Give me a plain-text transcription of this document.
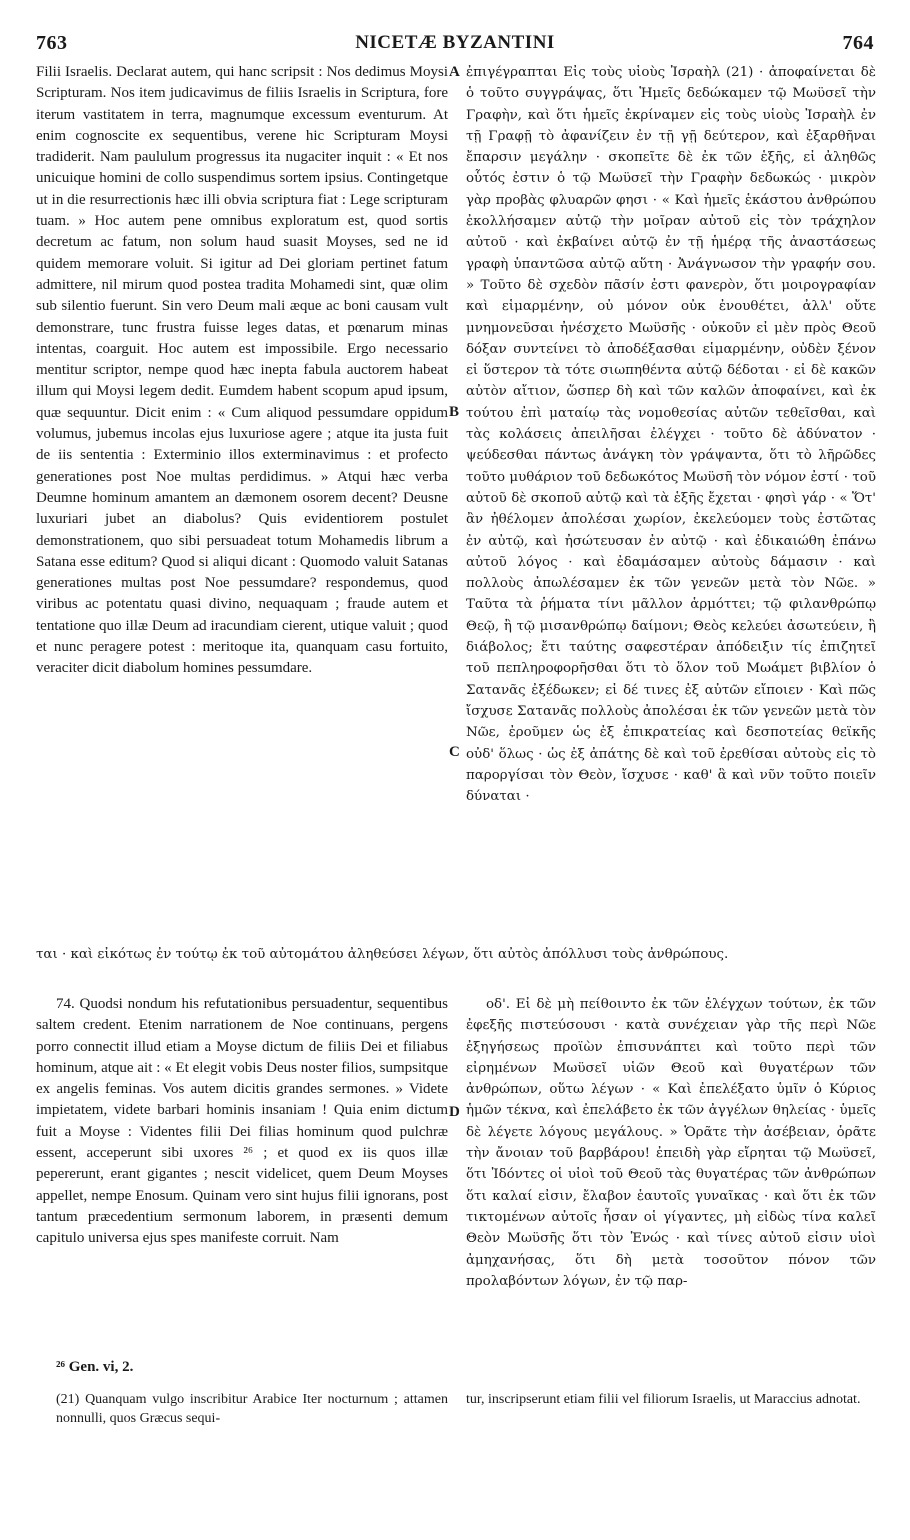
763	NICETÆ BYZANTINI	764

Filii Israelis. Declarat autem, qui hanc scripsit : Nos dedimus Moysi Scripturam. Nos item judicavimus de filiis Israelis in Scriptura, fore iterum vastitatem in terra, magnumque excessum eventurum. At enim cognoscite ex sequentibus, verene hic Scripturam Moysi tradiderit. Nam paululum progressus ita nugaciter inquit : « Et nos unicuique homini de collo suspendimus sortem ipsius. Contingetque ut in die resurrectionis hæc illi obvia scriptura fiat : Lege scripturam tuam. » Hoc autem pene omnibus exploratum est, quod sortis decretum ac fatum, non solum haud suasit Moyses, sed ne id quidem memorare voluit. Si igitur ad Dei gloriam pertinet fatum admittere, nil mirum quod postea tradita Mohamedi sint, quæ olim sub silentio fuerunt. Sin vero Deum mali æque ac boni causam vult demonstrare, tunc frustra fuisse leges datas, et pœnarum minas intentas, coarguit. Hoc autem est impossibile. Ergo necessario mentitur scriptor, nempe quod hæc inepta fabula auctorem habeat illum qui Moysi legem dedit. Eumdem habent scopum apud ipsum, quæ sequuntur. Dicit enim : « Cum aliquod pessumdare oppidum volumus, jubemus incolas ejus luxuriose agere ; atque ita justa fuit de iis sententia : Exterminio illos exterminavimus : et profecto generationes post Noe multas perdidimus. » Atqui hæc verba Deumne hominum amantem an dæmonem osorem decent? Deusne luxuriari jubet an diabolus? Quis evidentiorem postulet demonstrationem, quo sibi persuadeat totum Mohamedis librum a Satana esse editum? Quod si aliqui dicant : Quomodo valuit Satanas generationes multas post Noe pessumdare? respondemus, quod viribus ac potentatu quasi divino, nequaquam ; fraude autem et tentatione quo illæ Deum ad iracundiam cierent, utique valuit ; quod et nunc peragere potest : meritoque ita, quanquam casu fortuito, veraciter dicit diabolum homines pessumdare.

ἐπιγέγραπται Εἰς τοὺς υἱοὺς Ἰσραὴλ (21) · ἀποφαίνεται δὲ ὁ τοῦτο συγγράψας, ὅτι Ἡμεῖς δεδώκαμεν τῷ Μωϋσεῖ τὴν Γραφὴν, καὶ ὅτι ἡμεῖς ἐκρίναμεν εἰς τοὺς υἱοὺς Ἰσραὴλ ἐν τῇ Γραφῇ τὸ ἀφανίζειν ἐν τῇ γῇ δεύτερον, καὶ ἐξαρθῆναι ἔπαρσιν μεγάλην · σκοπεῖτε δὲ ἐκ τῶν ἑξῆς, εἰ ἀληθῶς οὗτός ἐστιν ὁ τῷ Μωϋσεῖ τὴν Γραφὴν δεδωκώς · μικρὸν γὰρ προβὰς φλυαρῶν φησι · « Καὶ ἡμεῖς ἑκάστου ἀνθρώπου ἐκολλήσαμεν αὐτῷ τὴν μοῖραν αὐτοῦ εἰς τὸν τράχηλον αὐτοῦ · καὶ ἐκβαίνει αὐτῷ ἐν τῇ ἡμέρᾳ τῆς ἀναστάσεως γραφὴ ὑπαντῶσα αὐτῷ αὕτη · Ἀνάγνωσον τὴν γραφήν σου. » Τοῦτο δὲ σχεδὸν πᾶσίν ἐστι φανερὸν, ὅτι μοιρογραφίαν καὶ εἱμαρμένην, οὐ μόνον οὐκ ἐνουθέτει, ἀλλ' οὔτε μνημονεῦσαι ἠνέσχετο Μωϋσῆς · οὐκοῦν εἰ μὲν πρὸς Θεοῦ δόξαν συντείνει τὸ ἀποδέξασθαι εἱμαρμένην, οὐδὲν ξένον εἰ ὕστερον τὰ τότε σιωπηθέντα αὐτῷ δέδοται · εἰ δὲ κακῶν αὐτὸν αἴτιον, ὥσπερ δὴ καὶ τῶν καλῶν ἀποφαίνει, καὶ ἐκ τούτου ἐπὶ ματαίῳ τὰς νομοθεσίας αὐτῶν τεθεῖσθαι, καὶ τὰς κολάσεις ἀπειλῆσαι ἐλέγχει · τοῦτο δὲ ἀδύνατον · ψεύδεσθαι πάντως ἀνάγκη τὸν γράψαντα, ὅτι τὸ λῆρῶδες τοῦτο μυθάριον τοῦ δεδωκότος Μωϋσῆ τὸν νόμον ἐστί · τοῦ αὐτοῦ δὲ σκοποῦ αὐτῷ καὶ τὰ ἑξῆς ἔχεται · φησὶ γάρ · « Ὅτ' ἂν ἠθέλομεν ἀπολέσαι χωρίον, ἐκελεύομεν τοὺς ἐστῶτας ἐν αὐτῷ, καὶ ἠσώτευσαν ἐν αὐτῷ · καὶ ἐδικαιώθη ἐπάνω αὐτοῦ λόγος · καὶ ἐδαμάσαμεν αὐτοὺς δάμασιν · καὶ πολλοὺς ἀπωλέσαμεν ἐκ τῶν γενεῶν μετὰ τὸν Νῶε. » Ταῦτα τὰ ῥήματα τίνι μᾶλλον ἁρμόττει; τῷ φιλανθρώπῳ Θεῷ, ἢ τῷ μισανθρώπῳ δαίμονι; Θεὸς κελεύει ἀσωτεύειν, ἢ διάβολος; ἔτι ταύτης σαφεστέραν ἀπόδειξιν τίς ἐπιζητεῖ τοῦ πεπληροφορῆσθαι ὅτι τὸ ὅλον τοῦ Μωάμετ βιβλίον ὁ Σατανᾶς ἐξέδωκεν; εἰ δέ τινες ἐξ αὐτῶν εἴποιεν · Καὶ πῶς ἴσχυσε Σατανᾶς πολλοὺς ἀπολέσαι ἐκ τῶν γενεῶν μετὰ τὸν Νῶε, ἐροῦμεν ὡς ἐξ ἐπικρατείας καὶ δεσποτείας θεϊκῆς οὐδ' ὅλως · ὡς ἐξ ἀπάτης δὲ καὶ τοῦ ἐρεθίσαι αὐτοὺς εἰς τὸ παροργίσαι τὸν Θεὸν, ἴσχυσε · καθ' ἃ καὶ νῦν τοῦτο ποιεῖν δύναται ·

A
B
C
D
ται · καὶ εἰκότως ἐν τούτῳ ἐκ τοῦ αὐτομάτου ἀληθεύσει λέγων, ὅτι αὐτὸς ἀπόλλυσι τοὺς ἀνθρώπους.

74. Quodsi nondum his refutationibus persuadentur, sequentibus saltem credent. Etenim narrationem de Noe continuans, pergens porro connectit illud etiam a Moyse dictum de filiis Dei et filiabus hominum, atque ait : « Et elegit vobis Deus noster filios, sumpsitque ex angelis feminas. Vos autem dicitis grandes sermones. » Videte impietatem, videte barbari hominis insaniam ! Quia enim dictum fuit a Moyse : Videntes filii Dei filias hominum quod pulchræ essent, acceperunt sibi uxores ²⁶ ; et quod ex iis quos illæ pepererunt, erant gigantes ; nescit videlicet, quem Deum Moyses appellet, nempe Enosum. Quinam vero sint hujus filii ignorans, post tantum præcedentium sermonum laborem, in præsenti demum capitulo universa ejus spes manifeste corruit. Nam

οδ'. Εἰ δὲ μὴ πείθοιντο ἐκ τῶν ἐλέγχων τούτων, ἐκ τῶν ἐφεξῆς πιστεύσουσι · κατὰ συνέχειαν γὰρ τῆς περὶ Νῶε ἐξηγήσεως προϊὼν ἐπισυνάπτει καὶ τοῦτο περὶ τῶν εἰρημένων Μωϋσεῖ υἱῶν Θεοῦ καὶ θυγατέρων τῶν ἀνθρώπων, οὕτω λέγων · « Καὶ ἐπελέξατο ὑμῖν ὁ Κύριος ἡμῶν τέκνα, καὶ ἐπελάβετο ἐκ τῶν ἀγγέλων θηλείας · ὑμεῖς δὲ λέγετε λόγους μεγάλους. » Ὁρᾶτε τὴν ἀσέβειαν, ὁρᾶτε τὴν ἄνοιαν τοῦ βαρβάρου! ἐπειδὴ γὰρ εἴρηται τῷ Μωϋσεῖ, ὅτι Ἰδόντες οἱ υἱοὶ τοῦ Θεοῦ τὰς θυγατέρας τῶν ἀνθρώπων ὅτι καλαί εἰσιν, ἔλαβον ἑαυτοῖς γυναῖκας · καὶ ὅτι ἐκ τῶν τικτομένων αὐτοῖς ἦσαν οἱ γίγαντες, μὴ εἰδὼς τίνα καλεῖ Θεὸν Μωϋσῆς ὅτι τὸν Ἐνώς · καὶ τίνες αὐτοῦ εἰσιν υἱοὶ ἀμηχανήσας, ὅτι δὴ μετὰ τοσοῦτον πόνον τῶν προλαβόντων λόγων, ἐν τῷ παρ-

²⁶ Gen. vi, 2.
(21) Quanquam vulgo inscribitur Arabice Iter nocturnum ; attamen nonnulli, quos Græcus sequi-
tur, inscripserunt etiam filii vel filiorum Israelis, ut Maraccius adnotat.
